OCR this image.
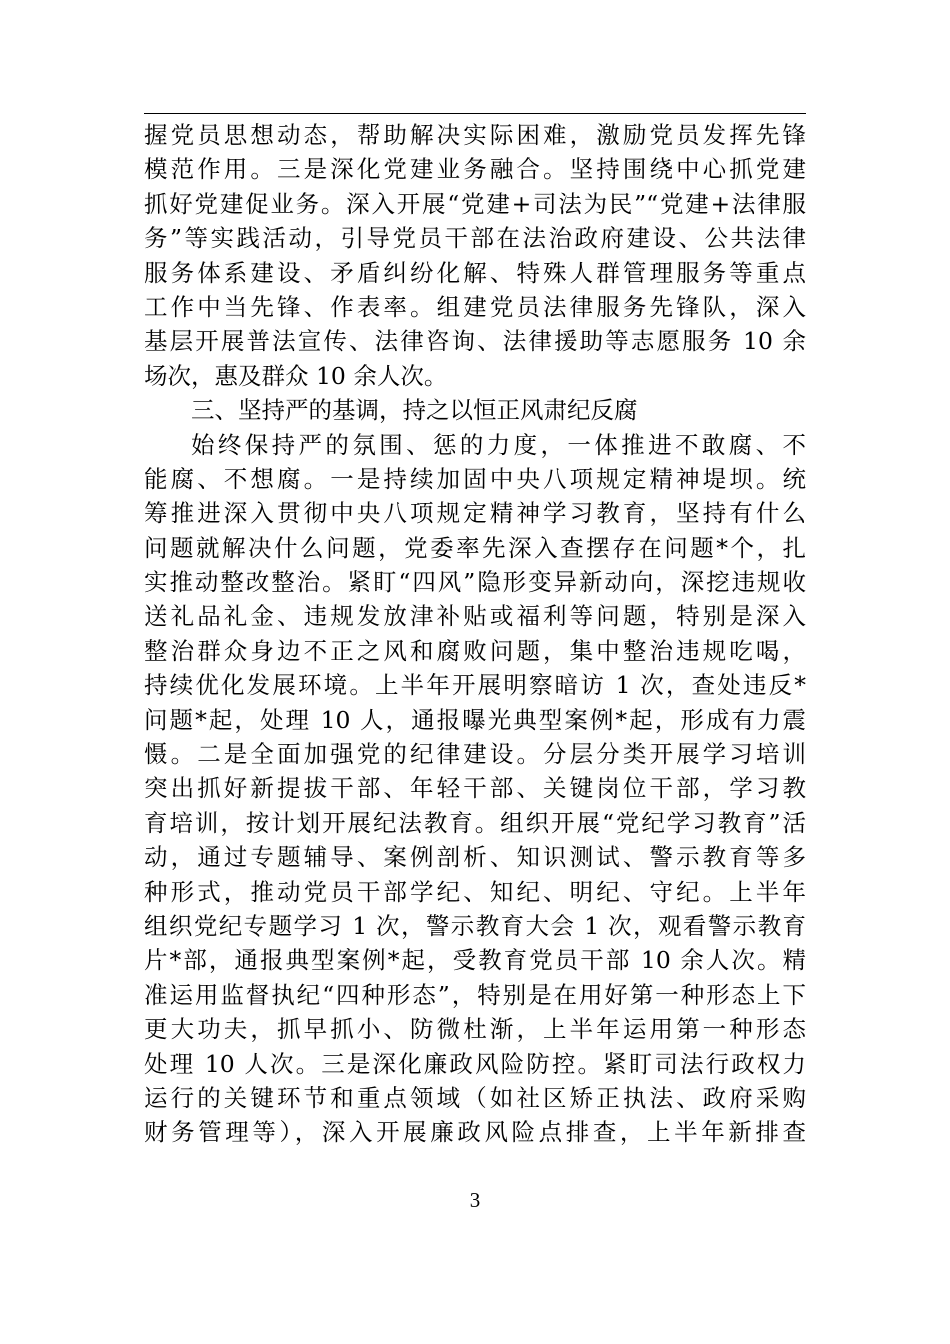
握党员思想动态，帮助解决实际困难，激励党员发挥先锋
模范作用。三是深化党建业务融合。坚持围绕中心抓党建
抓好党建促业务。深入开展“党建+司法为民”“党建+法律服
务”等实践活动，引导党员干部在法治政府建设、公共法律
服务体系建设、矛盾纠纷化解、特殊人群管理服务等重点
工作中当先锋、作表率。组建党员法律服务先锋队，深入
基层开展普法宣传、法律咨询、法律援助等志愿服务 10 余
场次，惠及群众 10 余人次。
三、坚持严的基调，持之以恒正风肃纪反腐
始终保持严的氛围、惩的力度，一体推进不敢腐、不
能腐、不想腐。一是持续加固中央八项规定精神堤坝。统
筹推进深入贯彻中央八项规定精神学习教育，坚持有什么
问题就解决什么问题，党委率先深入查摆存在问题*个，扎
实推动整改整治。紧盯“四风”隐形变异新动向，深挖违规收
送礼品礼金、违规发放津补贴或福利等问题，特别是深入
整治群众身边不正之风和腐败问题，集中整治违规吃喝，
持续优化发展环境。上半年开展明察暗访 1 次，查处违反*
问题*起，处理 10 人，通报曝光典型案例*起，形成有力震
慑。二是全面加强党的纪律建设。分层分类开展学习培训
突出抓好新提拔干部、年轻干部、关键岗位干部，学习教
育培训，按计划开展纪法教育。组织开展“党纪学习教育”活
动，通过专题辅导、案例剖析、知识测试、警示教育等多
种形式，推动党员干部学纪、知纪、明纪、守纪。上半年
组织党纪专题学习 1 次，警示教育大会 1 次，观看警示教育
片*部，通报典型案例*起，受教育党员干部 10 余人次。精
准运用监督执纪“四种形态”，特别是在用好第一种形态上下
更大功夫，抓早抓小、防微杜渐，上半年运用第一种形态
处理 10 人次。三是深化廉政风险防控。紧盯司法行政权力
运行的关键环节和重点领域（如社区矫正执法、政府采购
财务管理等），深入开展廉政风险点排查，上半年新排查
3
